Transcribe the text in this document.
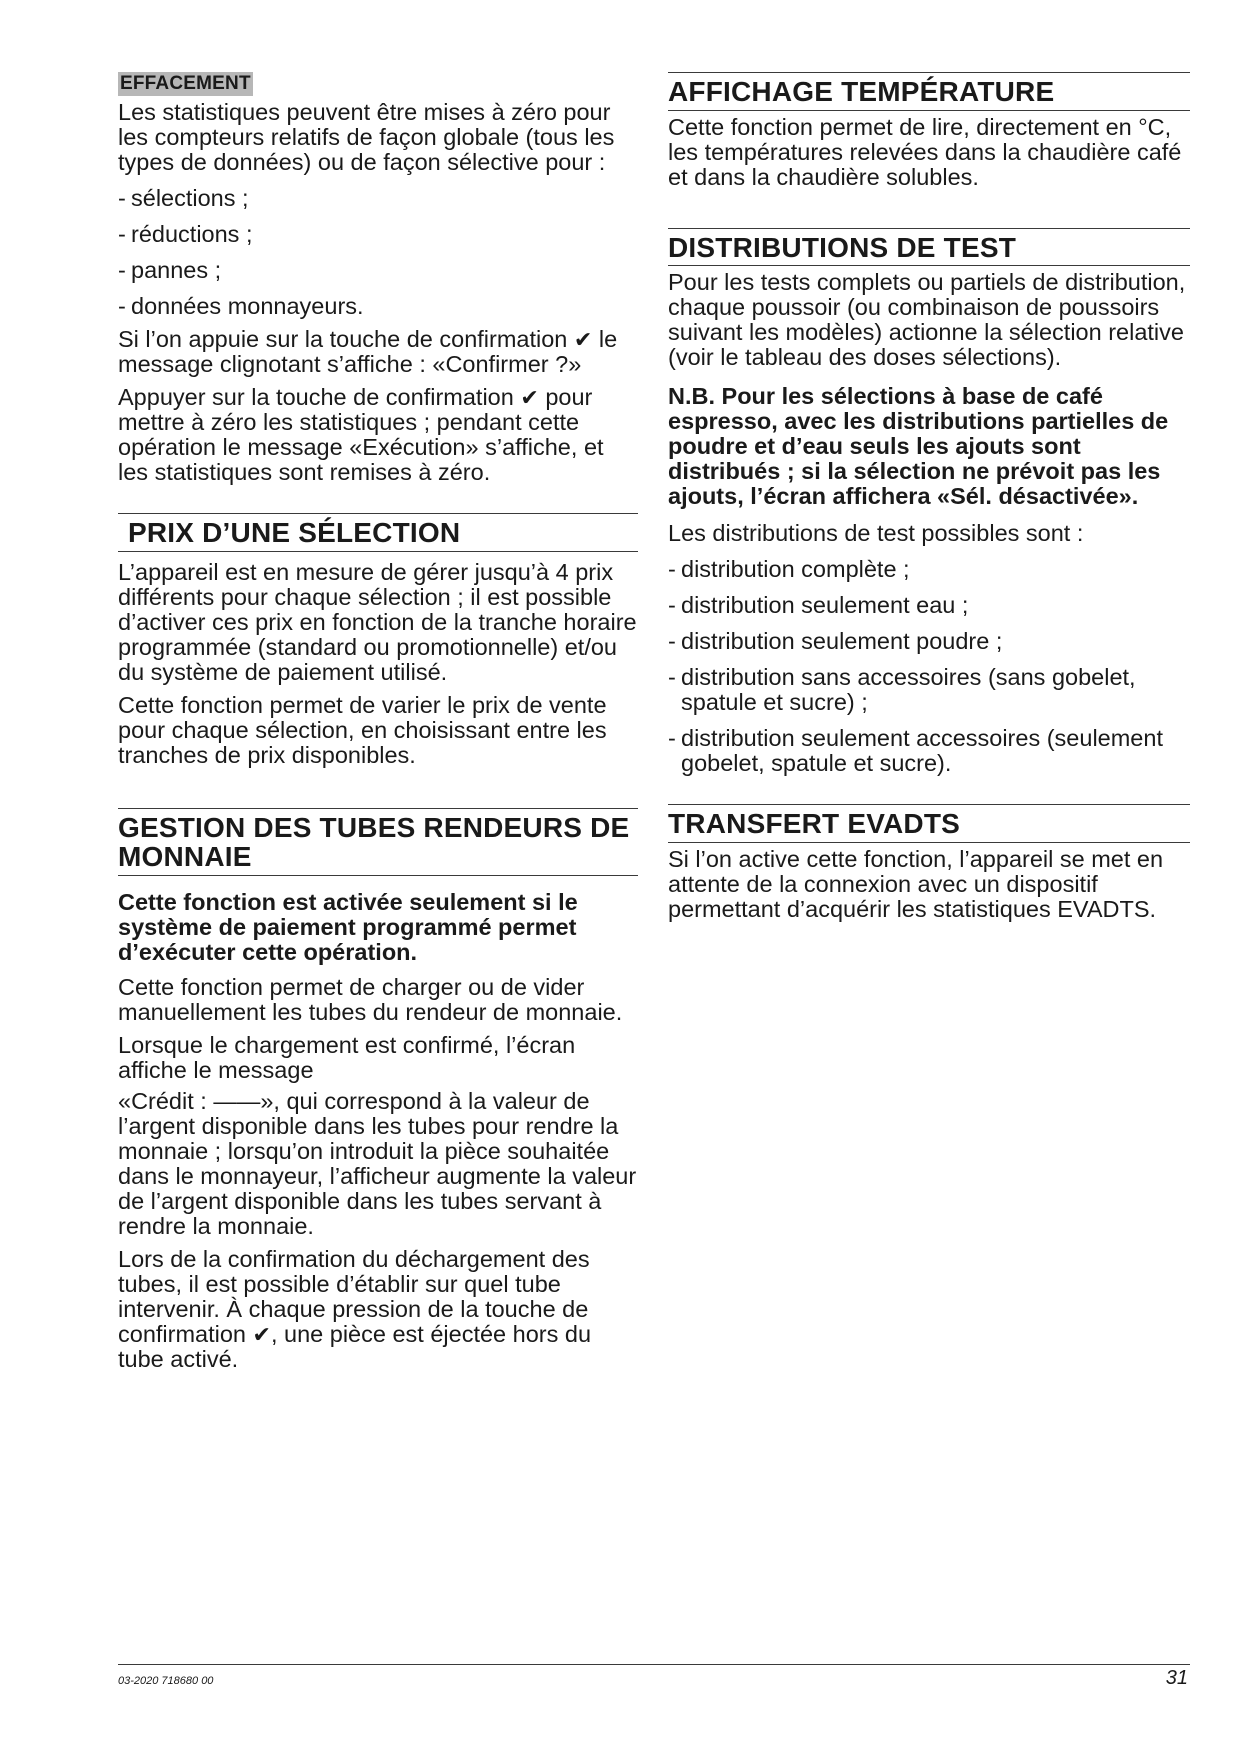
EFFACEMENT

Les statistiques peuvent être mises à zéro pour les compteurs relatifs de façon globale (tous les types de données) ou de façon sélective pour :

- sélections ;
- réductions ;
- pannes ;
- données monnayeurs.

Si l’on appuie sur la touche de confirmation ✔ le message clignotant s’affiche : «Confirmer ?»

Appuyer sur la touche de confirmation ✔ pour mettre à zéro les statistiques ; pendant cette opération le message «Exécution» s’affiche, et les statistiques sont remises à zéro.

PRIX D’UNE SÉLECTION

L’appareil est en mesure de gérer jusqu’à 4 prix différents pour chaque sélection ; il est possible d’activer ces prix en fonction de la tranche horaire programmée (standard ou promotionnelle) et/ou du système de paiement utilisé.

Cette fonction permet de varier le prix de vente pour chaque sélection, en choisissant entre les tranches de prix disponibles.

GESTION DES TUBES RENDEURS DE MONNAIE

Cette fonction est activée seulement si le système de paiement programmé permet d’exécuter cette opération.

Cette fonction permet de charger ou de vider manuellement les tubes du rendeur de monnaie.

Lorsque le chargement est confirmé, l’écran affiche le message

«Crédit : ——», qui correspond à la valeur de l’argent disponible dans les tubes pour rendre la monnaie ; lorsqu’on introduit la pièce souhaitée dans le monnayeur, l’afficheur augmente la valeur de l’argent disponible dans les tubes servant à rendre la monnaie.

Lors de la confirmation du déchargement des tubes, il est possible d’établir sur quel tube intervenir. À chaque pression de la touche de confirmation ✔, une pièce est éjectée hors du tube activé.

AFFICHAGE TEMPÉRATURE

Cette fonction permet de lire, directement en °C, les températures relevées dans la chaudière café et dans la chaudière solubles.

DISTRIBUTIONS DE TEST

Pour les tests complets ou partiels de distribution, chaque poussoir (ou combinaison de poussoirs suivant les modèles) actionne la sélection relative (voir le tableau des doses sélections).

N.B. Pour les sélections à base de café espresso, avec les distributions partielles de poudre et d’eau seuls les ajouts sont distribués ; si la sélection ne prévoit pas les ajouts, l’écran affichera «Sél. désactivée».

Les distributions de test possibles sont :

- distribution complète ;
- distribution seulement eau ;
- distribution seulement poudre ;
- distribution sans accessoires (sans gobelet, spatule et sucre) ;
- distribution seulement accessoires (seulement gobelet, spatule et sucre).
TRANSFERT EVADTS

Si l’on active cette fonction, l’appareil se met en attente de la connexion avec un dispositif permettant d’acquérir les statistiques EVADTS.

03-2020 718680 00	31
